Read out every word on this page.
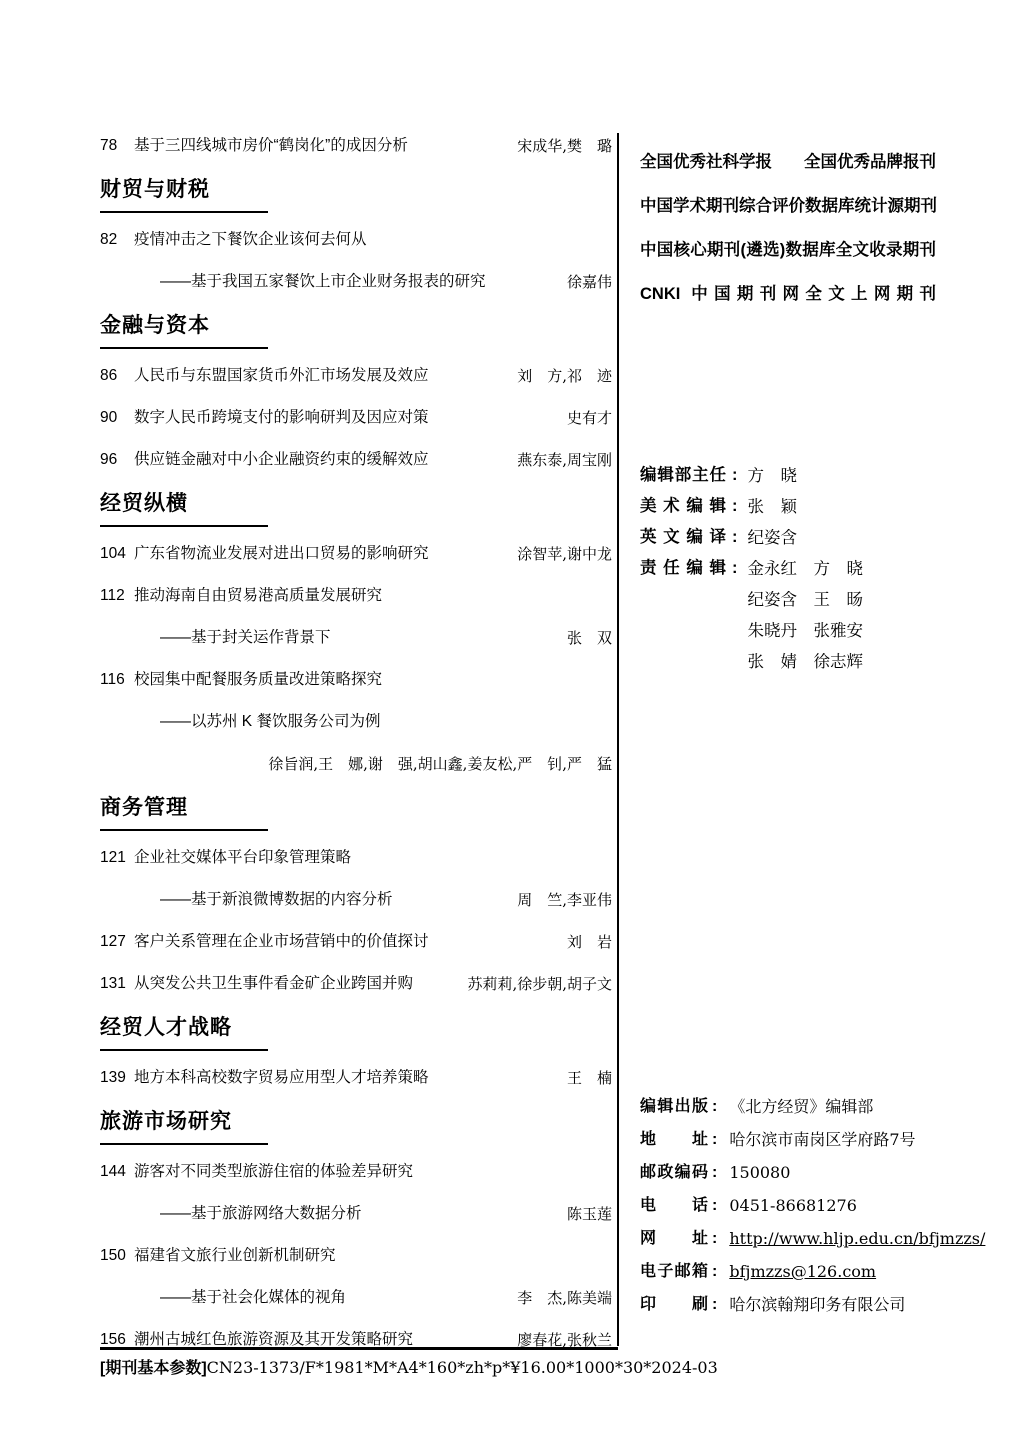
78	基于三四线城市房价“鹤岗化”的成因分析	宋成华,樊　璐
财贸与财税
82	疫情冲击之下餐饮企业该何去何从
——基于我国五家餐饮上市企业财务报表的研究	徐嘉伟
金融与资本
86	人民币与东盟国家货币外汇市场发展及效应	刘　方,祁　迹
90	数字人民币跨境支付的影响研判及因应对策	史有才
96	供应链金融对中小企业融资约束的缓解效应	燕东泰,周宝刚
经贸纵横
104 广东省物流业发展对进出口贸易的影响研究	涂智苹,谢中龙
112 推动海南自由贸易港高质量发展研究
——基于封关运作背景下	张　双
116 校园集中配餐服务质量改进策略探究
——以苏州 K 餐饮服务公司为例
徐旨润,王　娜,谢　强,胡山鑫,姜友松,严　钊,严　猛
商务管理
121 企业社交媒体平台印象管理策略
——基于新浪微博数据的内容分析	周　竺,李亚伟
127 客户关系管理在企业市场营销中的价值探讨	刘　岩
131 从突发公共卫生事件看金矿企业跨国并购	苏莉莉,徐步朝,胡子文
经贸人才战略
139 地方本科高校数字贸易应用型人才培养策略	王　楠
旅游市场研究
144 游客对不同类型旅游住宿的体验差异研究
——基于旅游网络大数据分析	陈玉莲
150 福建省文旅行业创新机制研究
——基于社会化媒体的视角	李　杰,陈美端
156 潮州古城红色旅游资源及其开发策略研究	廖春花,张秋兰
全国优秀社科学报 全国优秀品牌报刊
中国学术期刊综合评价数据库统计源期刊
中国核心期刊(遴选)数据库全文收录期刊
CNKI 中国期刊网全文上网期刊
编辑部主任 : 方　晓
美术编辑 : 张　颖
英文编译 : 纪姿含
责任编辑 : 金永红　方　晓
纪姿含　王　旸
朱晓丹　张雅安
张　婧　徐志辉
编辑出版 : 《北方经贸》编辑部
地址 : 哈尔滨市南岗区学府路7号
邮政编码 : 150080
电话 : 0451-86681276
网址 : http://www.hljp.edu.cn/bfjmzzs/
电子邮箱 : bfjmzzs@126.com
印刷 : 哈尔滨翰翔印务有限公司
[期刊基本参数]CN23-1373/F*1981*M*A4*160*zh*p*¥16.00*1000*30*2024-03
